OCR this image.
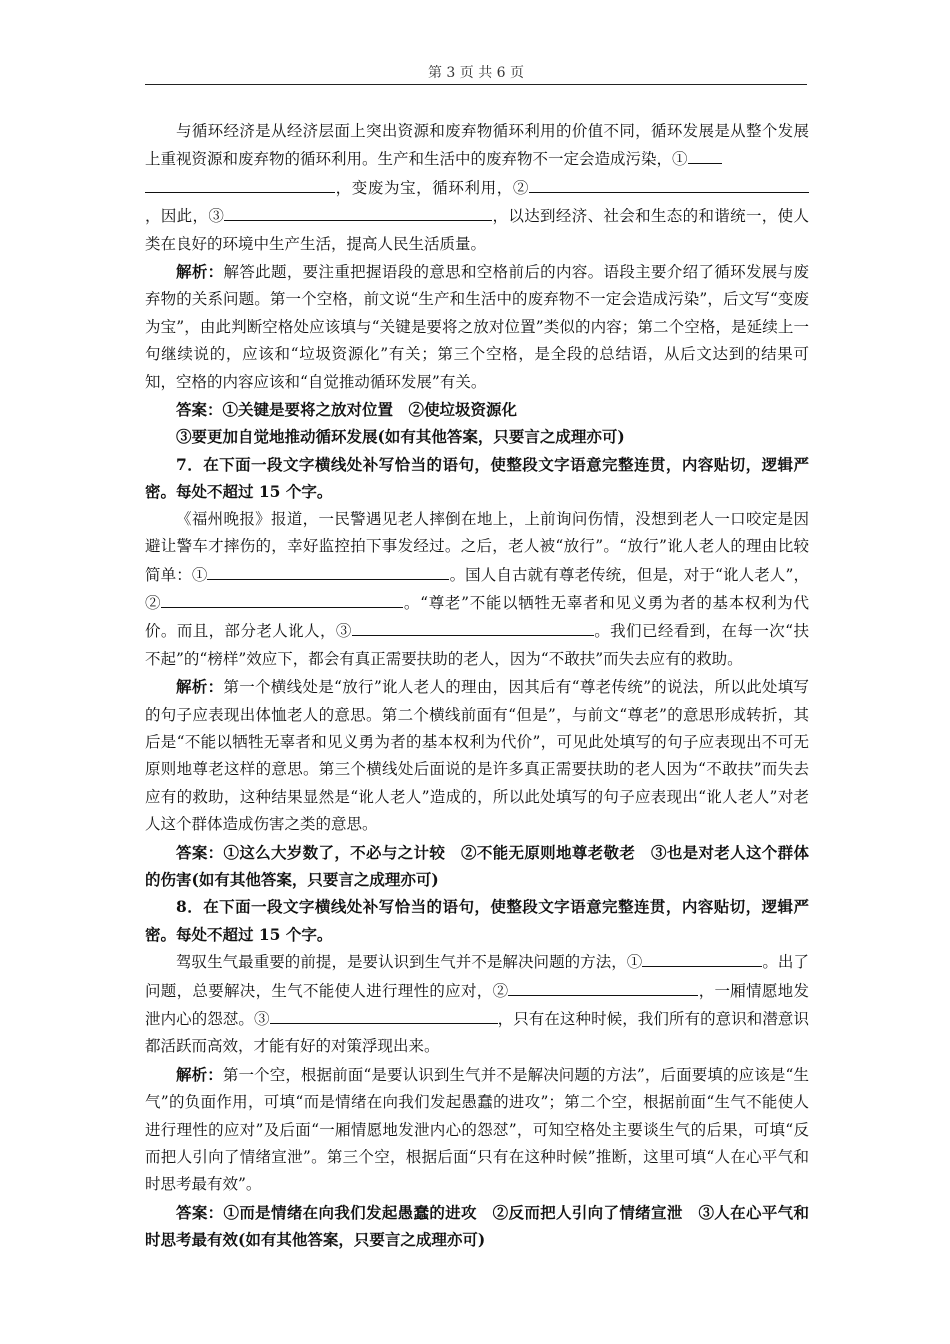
第 3 页 共 6 页

与循环经济是从经济层面上突出资源和废弃物循环利用的价值不同，循环发展是从整个发展上重视资源和废弃物的循环利用。生产和生活中的废弃物不一定会造成污染，①
，变废为宝，循环利用，②，因此，③	，以达到经济、社会和生态的和谐统一，使人类在良好的环境中生产生活，提高人民生活质量。

解析：解答此题，要注重把握语段的意思和空格前后的内容。语段主要介绍了循环发展与废弃物的关系问题。第一个空格，前文说“生产和生活中的废弃物不一定会造成污染”，后文写“变废为宝”，由此判断空格处应该填与“关键是要将之放对位置”类似的内容；第二个空格，是延续上一句继续说的，应该和“垃圾资源化”有关；第三个空格，是全段的总结语，从后文达到的结果可知，空格的内容应该和“自觉推动循环发展”有关。

答案：①关键是要将之放对位置　②使垃圾资源化

③要更加自觉地推动循环发展(如有其他答案，只要言之成理亦可)

7．在下面一段文字横线处补写恰当的语句，使整段文字语意完整连贯，内容贴切，逻辑严密。每处不超过 15 个字。

《福州晚报》报道，一民警遇见老人摔倒在地上，上前询问伤情，没想到老人一口咬定是因避让警车才摔伤的，幸好监控拍下事发经过。之后，老人被“放行”。“放行”讹人老人的理由比较简单：①	。国人自古就有尊老传统，但是，对于“讹人老人”，②	。“尊老”不能以牺牲无辜者和见义勇为者的基本权利为代价。而且，部分老人讹人，③	。我们已经看到，在每一次“扶不起”的“榜样”效应下，都会有真正需要扶助的老人，因为“不敢扶”而失去应有的救助。

解析：第一个横线处是“放行”讹人老人的理由，因其后有“尊老传统”的说法，所以此处填写的句子应表现出体恤老人的意思。第二个横线前面有“但是”，与前文“尊老”的意思形成转折，其后是“不能以牺牲无辜者和见义勇为者的基本权利为代价”，可见此处填写的句子应表现出不可无原则地尊老这样的意思。第三个横线处后面说的是许多真正需要扶助的老人因为“不敢扶”而失去应有的救助，这种结果显然是“讹人老人”造成的，所以此处填写的句子应表现出“讹人老人”对老人这个群体造成伤害之类的意思。

答案：①这么大岁数了，不必与之计较　②不能无原则地尊老敬老　③也是对老人这个群体的伤害(如有其他答案，只要言之成理亦可)

8．在下面一段文字横线处补写恰当的语句，使整段文字语意完整连贯，内容贴切，逻辑严密。每处不超过 15 个字。

驾驭生气最重要的前提，是要认识到生气并不是解决问题的方法，①	。出了问题，总要解决，生气不能使人进行理性的应对，②	，一厢情愿地发泄内心的怨怼。③	，只有在这种时候，我们所有的意识和潜意识都活跃而高效，才能有好的对策浮现出来。

解析：第一个空，根据前面“是要认识到生气并不是解决问题的方法”，后面要填的应该是“生气”的负面作用，可填“而是情绪在向我们发起愚蠢的进攻”；第二个空，根据前面“生气不能使人进行理性的应对”及后面“一厢情愿地发泄内心的怨怼”，可知空格处主要谈生气的后果，可填“反而把人引向了情绪宣泄”。第三个空，根据后面“只有在这种时候”推断，这里可填“人在心平气和时思考最有效”。

答案：①而是情绪在向我们发起愚蠢的进攻　②反而把人引向了情绪宣泄　③人在心平气和时思考最有效(如有其他答案，只要言之成理亦可)
